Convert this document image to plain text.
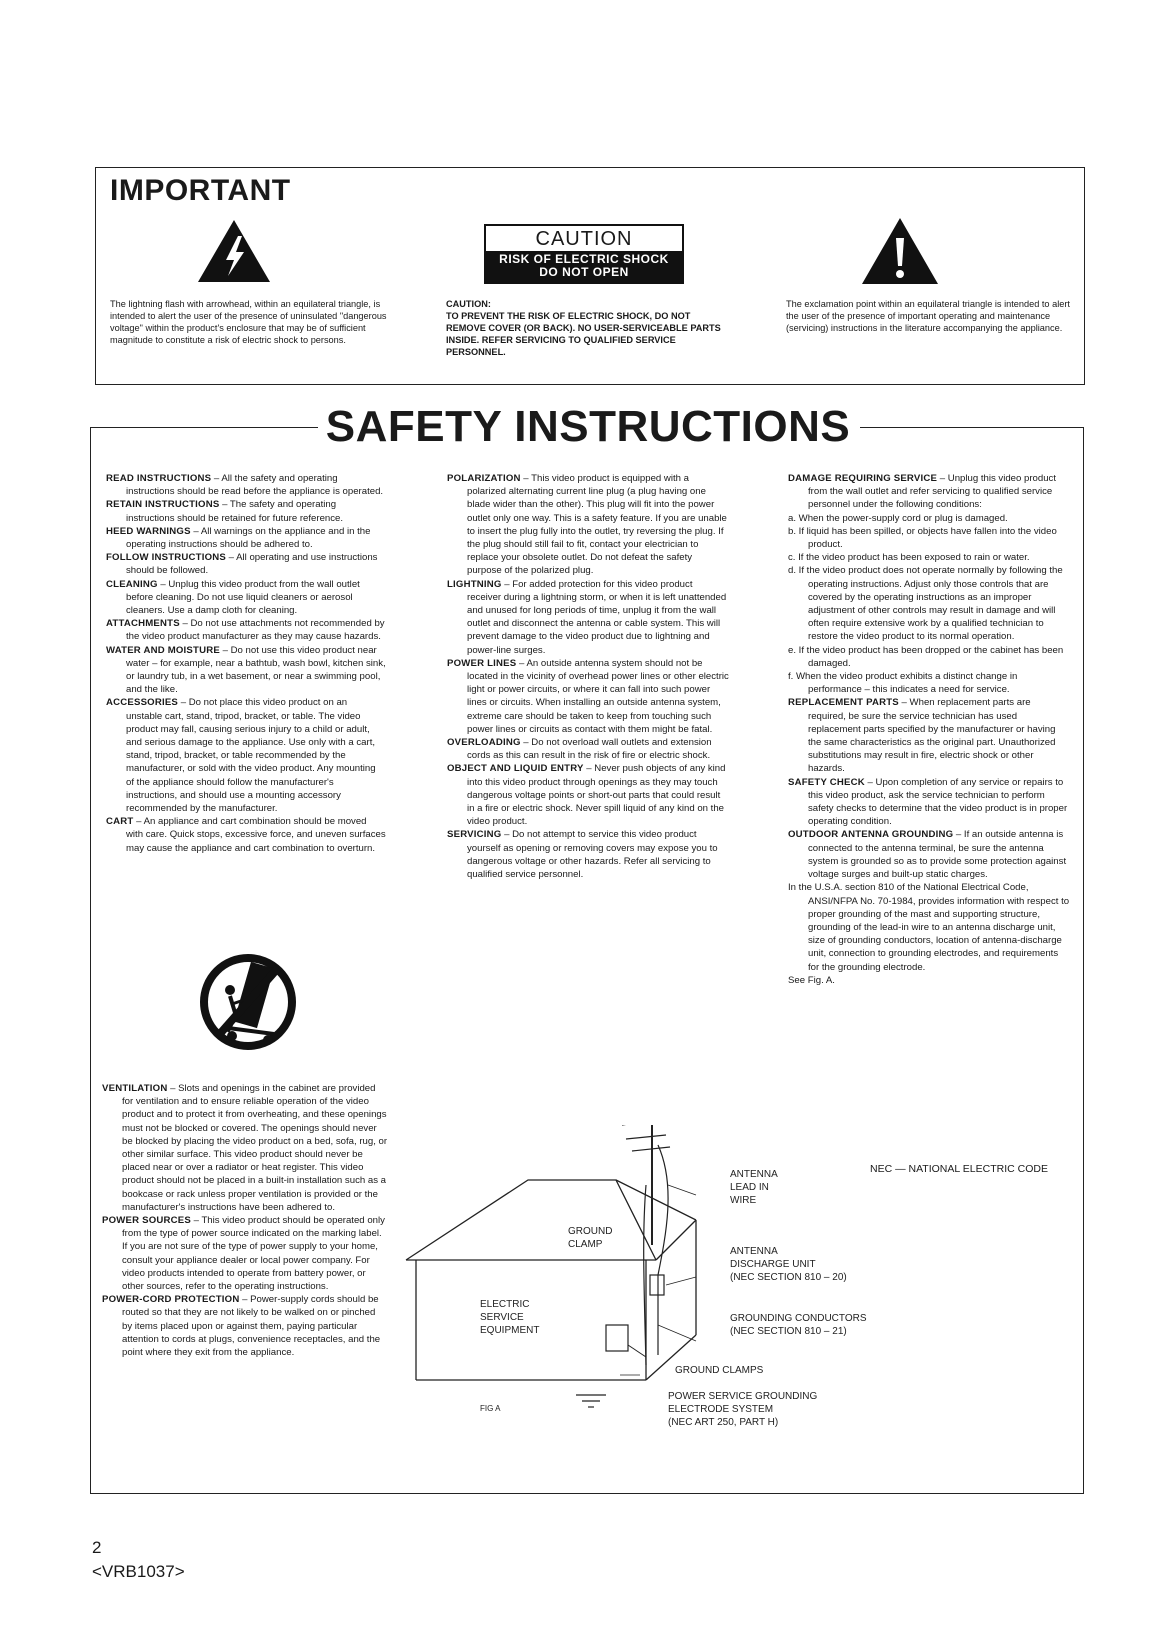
IMPORTANT
CAUTION
RISK OF ELECTRIC SHOCK
DO NOT OPEN
The lightning flash with arrowhead, within an equilateral triangle, is intended to alert the user of the presence of uninsulated "dangerous voltage" within the product's enclosure that may be of sufficient magnitude to constitute a risk of electric shock to persons.
CAUTION:
TO PREVENT THE RISK OF ELECTRIC SHOCK, DO NOT REMOVE COVER (OR BACK). NO USER-SERVICEABLE PARTS INSIDE. REFER SERVICING TO QUALIFIED SERVICE PERSONNEL.
The exclamation point within an equilateral triangle is intended to alert the user of the presence of important operating and maintenance (servicing) instructions in the literature accompanying the appliance.
SAFETY INSTRUCTIONS

READ INSTRUCTIONS – All the safety and operating instructions should be read before the appliance is operated.

RETAIN INSTRUCTIONS – The safety and operating instructions should be retained for future reference.

HEED WARNINGS – All warnings on the appliance and in the operating instructions should be adhered to.

FOLLOW INSTRUCTIONS – All operating and use instructions should be followed.

CLEANING – Unplug this video product from the wall outlet before cleaning. Do not use liquid cleaners or aerosol cleaners. Use a damp cloth for cleaning.

ATTACHMENTS – Do not use attachments not recommended by the video product manufacturer as they may cause hazards.

WATER AND MOISTURE – Do not use this video product near water – for example, near a bathtub, wash bowl, kitchen sink, or laundry tub, in a wet basement, or near a swimming pool, and the like.

ACCESSORIES – Do not place this video product on an unstable cart, stand, tripod, bracket, or table. The video product may fall, causing serious injury to a child or adult, and serious damage to the appliance. Use only with a cart, stand, tripod, bracket, or table recommended by the manufacturer, or sold with the video product. Any mounting of the appliance should follow the manufacturer's instructions, and should use a mounting accessory recommended by the manufacturer.

CART – An appliance and cart combination should be moved with care. Quick stops, excessive force, and uneven surfaces may cause the appliance and cart combination to overturn.

POLARIZATION – This video product is equipped with a polarized alternating current line plug (a plug having one blade wider than the other). This plug will fit into the power outlet only one way. This is a safety feature. If you are unable to insert the plug fully into the outlet, try reversing the plug. If the plug should still fail to fit, contact your electrician to replace your obsolete outlet. Do not defeat the safety purpose of the polarized plug.

LIGHTNING – For added protection for this video product receiver during a lightning storm, or when it is left unattended and unused for long periods of time, unplug it from the wall outlet and disconnect the antenna or cable system. This will prevent damage to the video product due to lightning and power-line surges.

POWER LINES – An outside antenna system should not be located in the vicinity of overhead power lines or other electric light or power circuits, or where it can fall into such power lines or circuits. When installing an outside antenna system, extreme care should be taken to keep from touching such power lines or circuits as contact with them might be fatal.

OVERLOADING – Do not overload wall outlets and extension cords as this can result in the risk of fire or electric shock.

OBJECT AND LIQUID ENTRY – Never push objects of any kind into this video product through openings as they may touch dangerous voltage points or short-out parts that could result in a fire or electric shock. Never spill liquid of any kind on the video product.

SERVICING – Do not attempt to service this video product yourself as opening or removing covers may expose you to dangerous voltage or other hazards. Refer all servicing to qualified service personnel.

DAMAGE REQUIRING SERVICE – Unplug this video product from the wall outlet and refer servicing to qualified service personnel under the following conditions:

a. When the power-supply cord or plug is damaged.

b. If liquid has been spilled, or objects have fallen into the video product.

c. If the video product has been exposed to rain or water.

d. If the video product does not operate normally by following the operating instructions. Adjust only those controls that are covered by the operating instructions as an improper adjustment of other controls may result in damage and will often require extensive work by a qualified technician to restore the video product to its normal operation.

e. If the video product has been dropped or the cabinet has been damaged.

f. When the video product exhibits a distinct change in performance – this indicates a need for service.

REPLACEMENT PARTS – When replacement parts are required, be sure the service technician has used replacement parts specified by the manufacturer or having the same characteristics as the original part. Unauthorized substitutions may result in fire, electric shock or other hazards.

SAFETY CHECK – Upon completion of any service or repairs to this video product, ask the service technician to perform safety checks to determine that the video product is in proper operating condition.

OUTDOOR ANTENNA GROUNDING – If an outside antenna is connected to the antenna terminal, be sure the antenna system is grounded so as to provide some protection against voltage surges and built-up static charges.

In the U.S.A. section 810 of the National Electrical Code, ANSI/NFPA No. 70-1984, provides information with respect to proper grounding of the mast and supporting structure, grounding of the lead-in wire to an antenna discharge unit, size of grounding conductors, location of antenna-discharge unit, connection to grounding electrodes, and requirements for the grounding electrode.

See Fig. A.

VENTILATION – Slots and openings in the cabinet are provided for ventilation and to ensure reliable operation of the video product and to protect it from overheating, and these openings must not be blocked or covered. The openings should never be blocked by placing the video product on a bed, sofa, rug, or other similar surface. This video product should never be placed near or over a radiator or heat register. This video product should not be placed in a built-in installation such as a bookcase or rack unless proper ventilation is provided or the manufacturer's instructions have been adhered to.

POWER SOURCES – This video product should be operated only from the type of power source indicated on the marking label. If you are not sure of the type of power supply to your home, consult your appliance dealer or local power company. For video products intended to operate from battery power, or other sources, refer to the operating instructions.

POWER-CORD PROTECTION – Power-supply cords should be routed so that they are not likely to be walked on or pinched by items placed upon or against them, paying particular attention to cords at plugs, convenience receptacles, and the point where they exit from the appliance.

NEC — NATIONAL ELECTRIC CODE
ANTENNA
LEAD IN
WIRE
GROUND
CLAMP
ANTENNA
DISCHARGE UNIT
(NEC SECTION 810 – 20)
ELECTRIC
SERVICE
EQUIPMENT
GROUNDING CONDUCTORS
(NEC SECTION 810 – 21)
GROUND CLAMPS
POWER SERVICE GROUNDING
ELECTRODE SYSTEM
(NEC ART 250, PART H)
FIG A
2
<VRB1037>
